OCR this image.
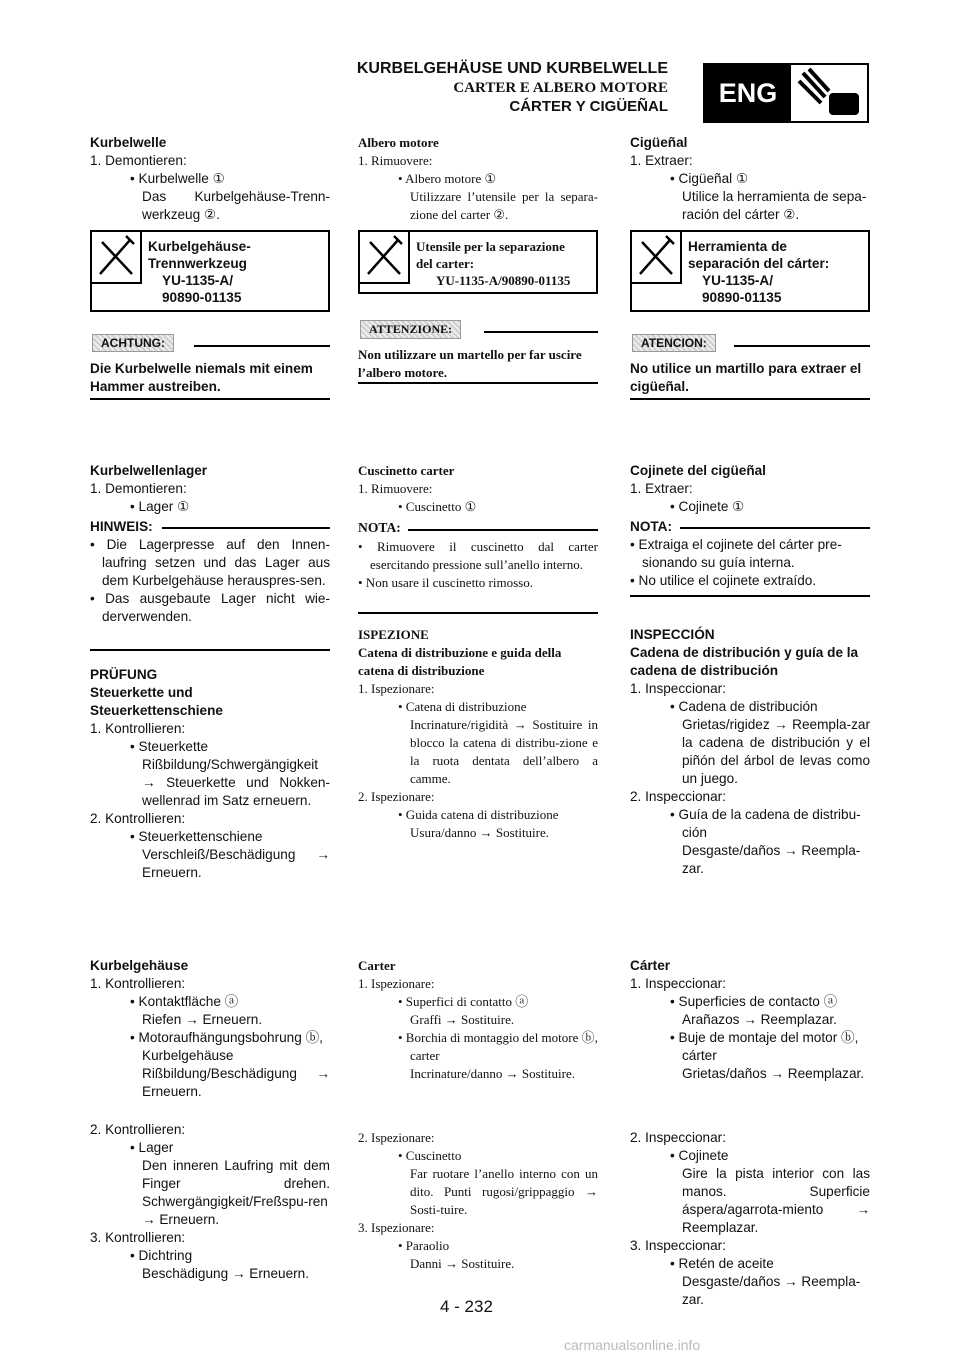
KURBELGEHÄUSE UND KURBELWELLE
CARTER E ALBERO MOTORE
CÁRTER Y CIGÜEÑAL	ENG
Kurbelwelle
1. Demontieren:
• Kurbelwelle ①
Das Kurbelgehäuse-Trenn-werkzeug ②.
Kurbelgehäuse-
Trennwerkzeug
YU-1135-A/
90890-01135
ACHTUNG:
Die Kurbelwelle niemals mit einem Hammer austreiben.
Kurbelwellenlager
1. Demontieren:
• Lager ①
HINWEIS:
• Die Lagerpresse auf den Innen-laufring setzen und das Lager aus dem Kurbelgehäuse herauspres-sen.
• Das ausgebaute Lager nicht wie-derverwenden.
PRÜFUNG
Steuerkette und Steuerkettenschiene
1. Kontrollieren:
• Steuerkette
Rißbildung/Schwergängigkeit → Steuerkette und Nokken-wellenrad im Satz erneuern.
2. Kontrollieren:
• Steuerkettenschiene
Verschleiß/Beschädigung → Erneuern.
Kurbelgehäuse
1. Kontrollieren:
• Kontaktfläche ⓐ
Riefen → Erneuern.
• Motoraufhängungsbohrung ⓑ, Kurbelgehäuse
Rißbildung/Beschädigung → Erneuern.
2. Kontrollieren:
• Lager
Den inneren Laufring mit dem Finger drehen. Schwergängigkeit/Freßspu-ren → Erneuern.
3. Kontrollieren:
• Dichtring
Beschädigung → Erneuern.
Albero motore
1. Rimuovere:
• Albero motore ①
Utilizzare l’utensile per la separa-zione del carter ②.
Utensile per la separazione
del carter:
YU-1135-A/90890-01135
ATTENZIONE:
Non utilizzare un martello per far uscire l’albero motore.
Cuscinetto carter
1. Rimuovere:
• Cuscinetto ①
NOTA:
• Rimuovere il cuscinetto dal carter esercitando pressione sull’anello interno.
• Non usare il cuscinetto rimosso.
ISPEZIONE
Catena di distribuzione e guida della catena di distribuzione
1. Ispezionare:
• Catena di distribuzione
Incrinature/rigidità → Sostituire in blocco la catena di distribu-zione e la ruota dentata dell’albero a camme.
2. Ispezionare:
• Guida catena di distribuzione
Usura/danno → Sostituire.
Carter
1. Ispezionare:
• Superfici di contatto ⓐ
Graffi → Sostituire.
• Borchia di montaggio del motore ⓑ, carter
Incrinature/danno → Sostituire.
2. Ispezionare:
• Cuscinetto
Far ruotare l’anello interno con un dito. Punti rugosi/grippaggio → Sosti-tuire.
3. Ispezionare:
• Paraolio
Danni → Sostituire.
Cigüeñal
1. Extraer:
• Cigüeñal ①
Utilice la herramienta de sepa-ración del cárter ②.
Herramienta de
separación del cárter:
YU-1135-A/
90890-01135
ATENCION:
No utilice un martillo para extraer el cigüeñal.
Cojinete del cigüeñal
1. Extraer:
• Cojinete ①
NOTA:
• Extraiga el cojinete del cárter pre-sionando su guía interna.
• No utilice el cojinete extraído.
INSPECCIÓN
Cadena de distribución y guía de la cadena de distribución
1. Inspeccionar:
• Cadena de distribución
Grietas/rigidez → Reempla-zar la cadena de distribución y el piñón del árbol de levas como un juego.
2. Inspeccionar:
• Guía de la cadena de distribu-ción
Desgaste/daños → Reempla-zar.
Cárter
1. Inspeccionar:
• Superficies de contacto ⓐ
Arañazos → Reemplazar.
• Buje de montaje del motor ⓑ, cárter
Grietas/daños → Reemplazar.
2. Inspeccionar:
• Cojinete
Gire la pista interior con las manos. Superficie áspera/agarrota-miento → Reemplazar.
3. Inspeccionar:
• Retén de aceite
Desgaste/daños → Reempla-zar.
4 - 232
carmanualsonline.info
